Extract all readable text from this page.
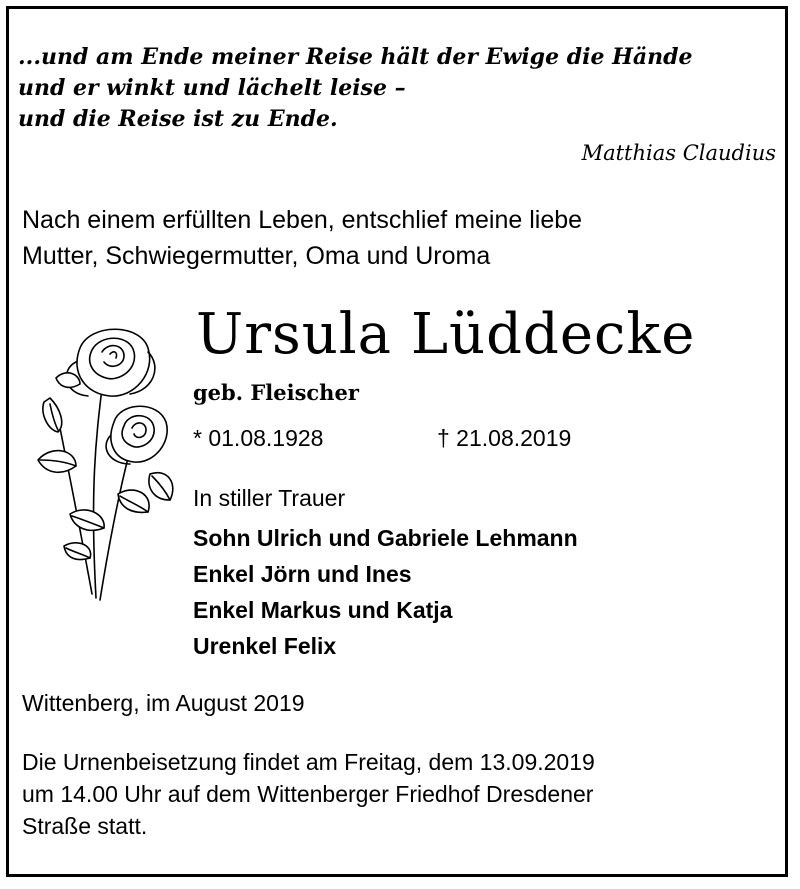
...und am Ende meiner Reise hält der Ewige die Hände
und er winkt und lächelt leise –
und die Reise ist zu Ende.
Matthias Claudius
Nach einem erfüllten Leben, entschlief meine liebe
Mutter, Schwiegermutter, Oma und Uroma
Ursula Lüddecke
geb. Fleischer
* 01.08.1928	† 21.08.2019
In stiller Trauer
Sohn Ulrich und Gabriele Lehmann
Enkel Jörn und Ines
Enkel Markus und Katja
Urenkel Felix
Wittenberg, im August 2019
Die Urnenbeisetzung findet am Freitag, dem 13.09.2019
um 14.00 Uhr auf dem Wittenberger Friedhof Dresdener
Straße statt.
